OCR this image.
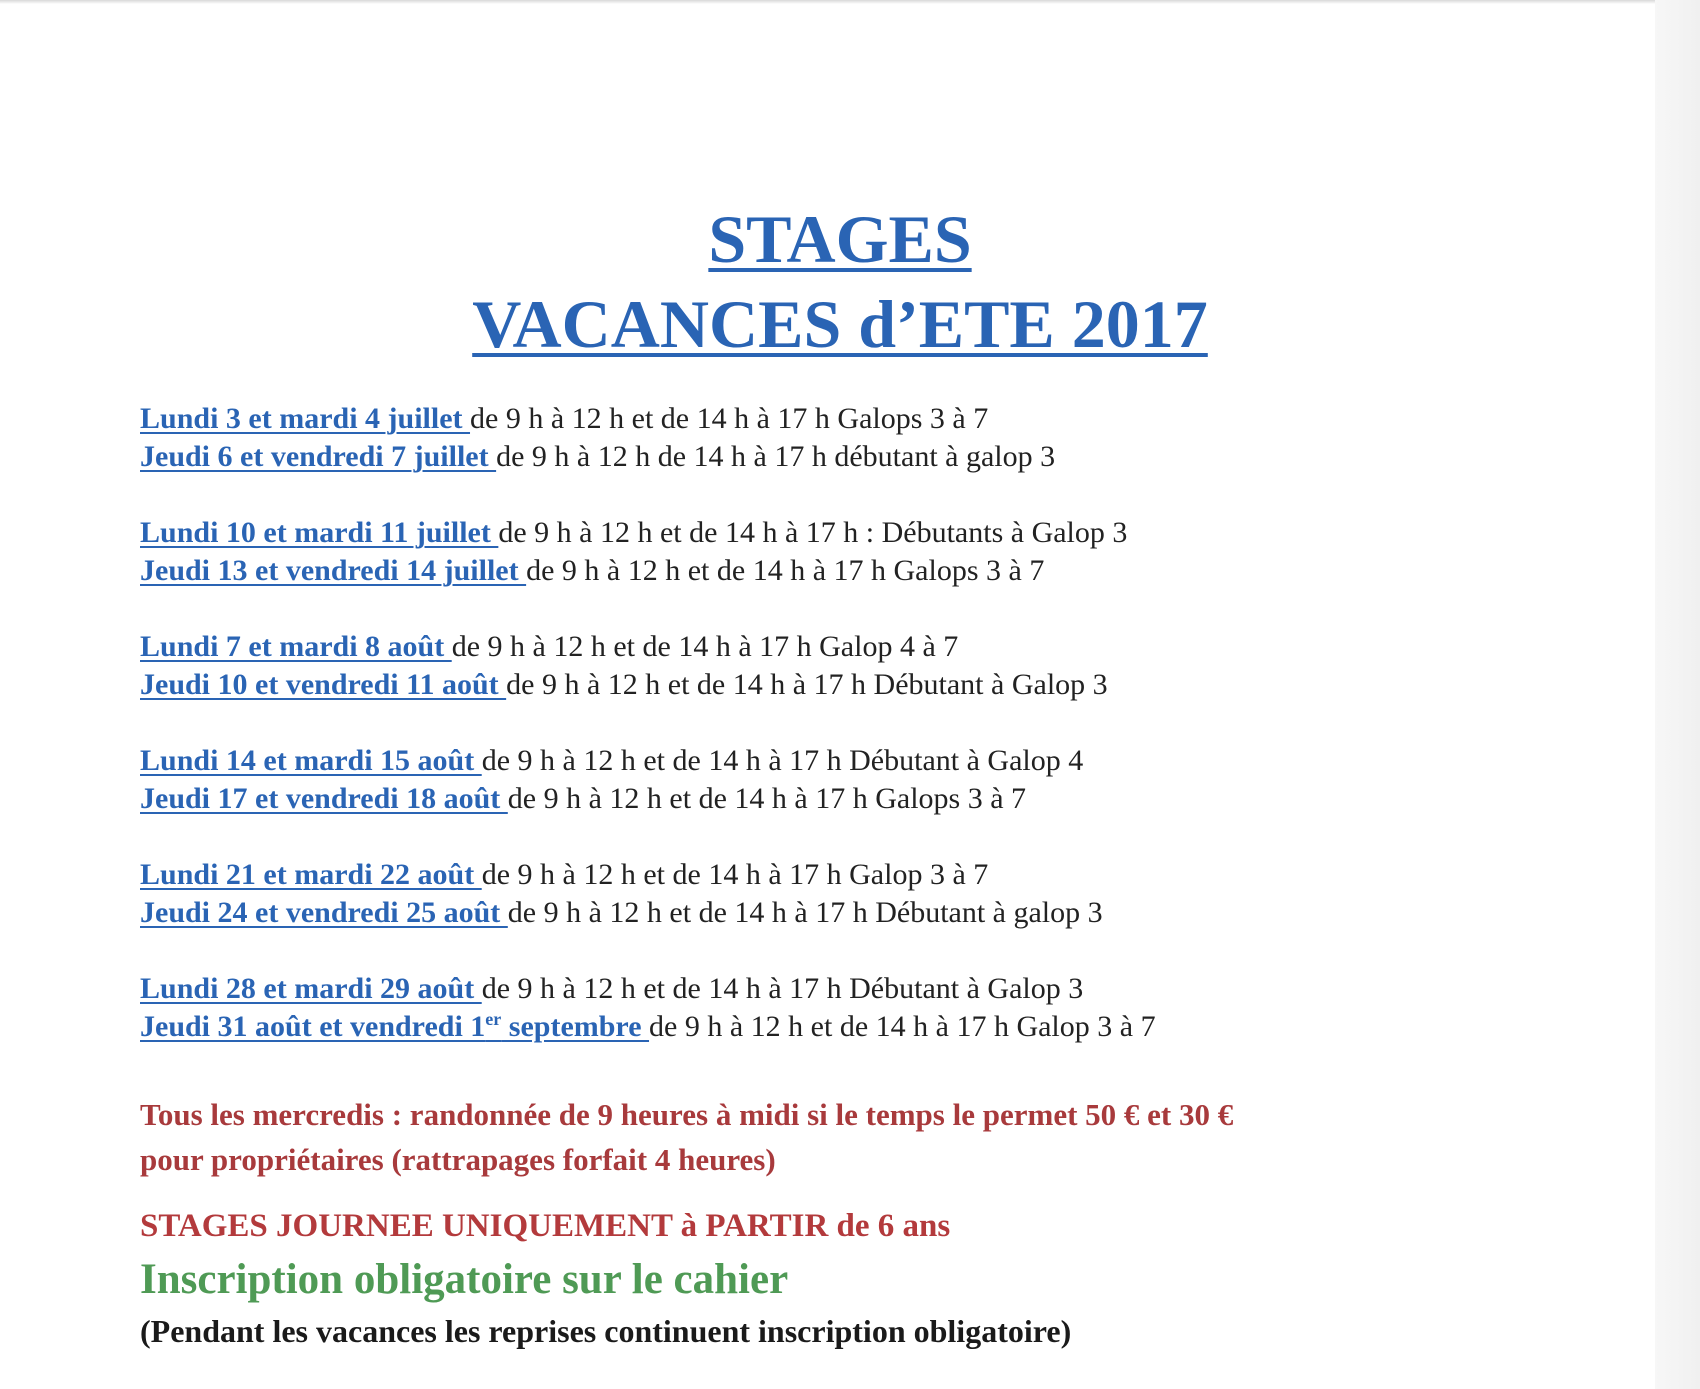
STAGES
VACANCES d’ETE 2017
Lundi 3 et mardi 4 juillet de 9 h à 12 h et de 14 h à 17 h Galops 3 à 7
Jeudi 6 et vendredi 7 juillet de 9 h à 12 h de 14 h à 17 h débutant à galop 3
Lundi 10 et mardi 11 juillet de 9 h à 12 h et de 14 h à 17 h : Débutants à Galop 3
Jeudi 13 et vendredi 14 juillet de 9 h à 12 h et de 14 h à 17 h Galops 3 à 7
Lundi 7 et mardi 8 août de 9 h à 12 h et de 14 h à 17 h Galop 4 à 7
Jeudi 10 et vendredi 11 août de 9 h à 12 h et de 14 h à 17 h Débutant à Galop 3
Lundi 14 et mardi 15 août de 9 h à 12 h et de 14 h à 17 h Débutant à Galop 4
Jeudi 17 et vendredi 18 août de 9 h à 12 h et de 14 h à 17 h Galops 3 à 7
Lundi 21 et mardi 22 août de 9 h à 12 h et de 14 h à 17 h Galop 3 à 7
Jeudi 24 et vendredi 25 août de 9 h à 12 h et de 14 h à 17 h Débutant à galop 3
Lundi 28 et mardi 29 août de 9 h à 12 h et de 14 h à 17 h Débutant à Galop 3
Jeudi 31 août et vendredi 1er septembre de 9 h à 12 h et de 14 h à 17 h Galop 3 à 7
Tous les mercredis : randonnée de 9 heures à midi si le temps le permet 50 € et 30 €
pour propriétaires (rattrapages forfait 4 heures)

STAGES JOURNEE UNIQUEMENT à PARTIR de 6 ans

Inscription obligatoire sur le cahier

(Pendant les vacances les reprises continuent inscription obligatoire)
